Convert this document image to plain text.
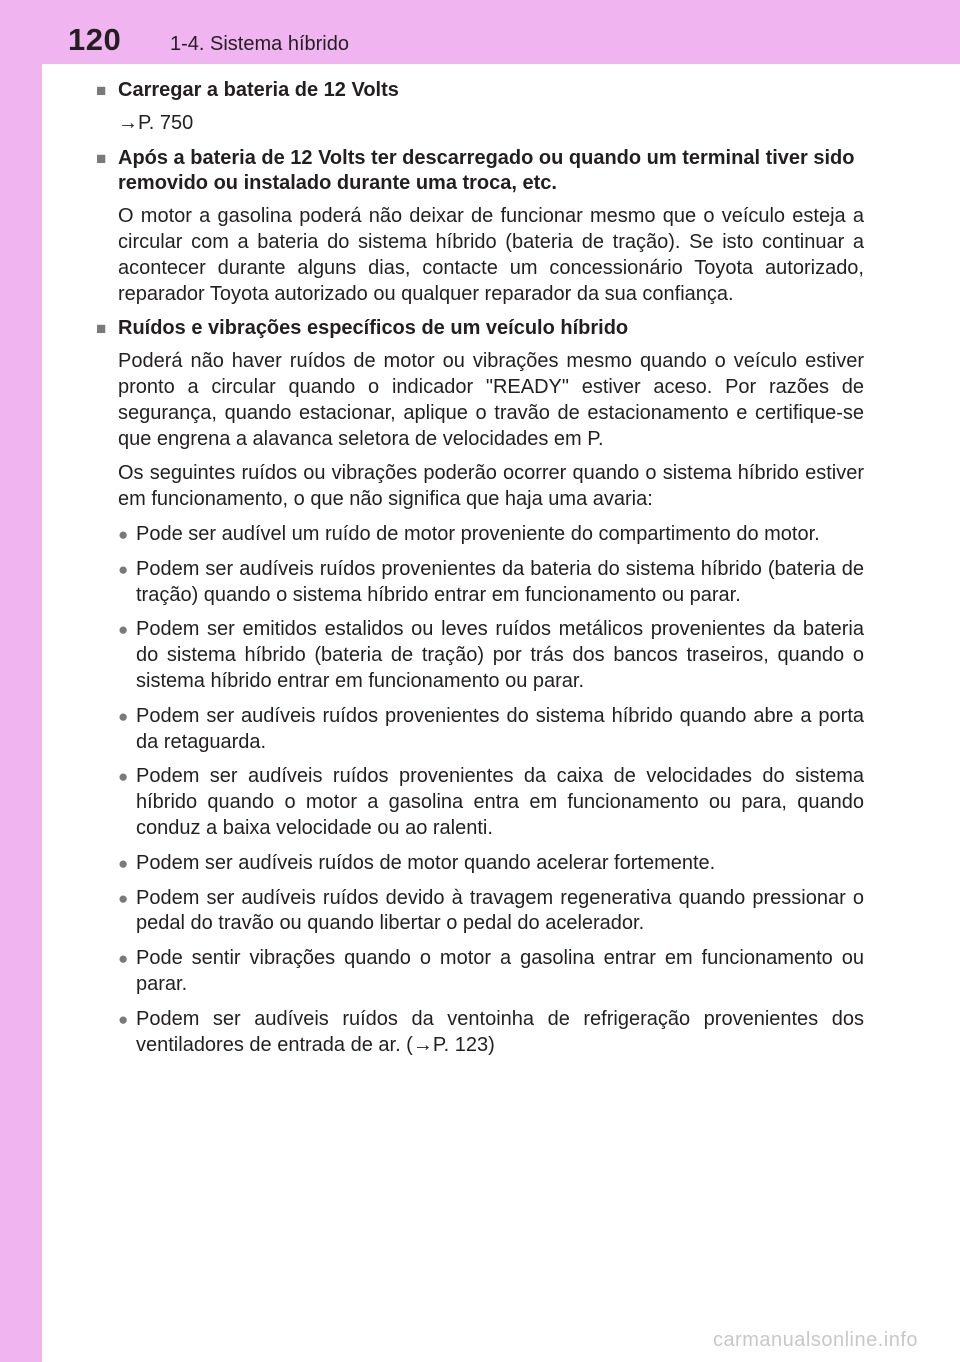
120 1-4. Sistema híbrido
■ Carregar a bateria de 12 Volts
→P. 750
■ Após a bateria de 12 Volts ter descarregado ou quando um terminal tiver sido removido ou instalado durante uma troca, etc.
O motor a gasolina poderá não deixar de funcionar mesmo que o veículo esteja a circular com a bateria do sistema híbrido (bateria de tração). Se isto continuar a acontecer durante alguns dias, contacte um concessionário Toyota autorizado, reparador Toyota autorizado ou qualquer reparador da sua confiança.
■ Ruídos e vibrações específicos de um veículo híbrido
Poderá não haver ruídos de motor ou vibrações mesmo quando o veículo estiver pronto a circular quando o indicador "READY" estiver aceso. Por razões de segurança, quando estacionar, aplique o travão de estacionamento e certifique-se que engrena a alavanca seletora de velocidades em P.
Os seguintes ruídos ou vibrações poderão ocorrer quando o sistema híbrido estiver em funcionamento, o que não significa que haja uma avaria:
● Pode ser audível um ruído de motor proveniente do compartimento do motor.
● Podem ser audíveis ruídos provenientes da bateria do sistema híbrido (bateria de tração) quando o sistema híbrido entrar em funcionamento ou parar.
● Podem ser emitidos estalidos ou leves ruídos metálicos provenientes da bateria do sistema híbrido (bateria de tração) por trás dos bancos traseiros, quando o sistema híbrido entrar em funcionamento ou parar.
● Podem ser audíveis ruídos provenientes do sistema híbrido quando abre a porta da retaguarda.
● Podem ser audíveis ruídos provenientes da caixa de velocidades do sistema híbrido quando o motor a gasolina entra em funcionamento ou para, quando conduz a baixa velocidade ou ao ralenti.
● Podem ser audíveis ruídos de motor quando acelerar fortemente.
● Podem ser audíveis ruídos devido à travagem regenerativa quando pressionar o pedal do travão ou quando libertar o pedal do acelerador.
● Pode sentir vibrações quando o motor a gasolina entrar em funcionamento ou parar.
● Podem ser audíveis ruídos da ventoinha de refrigeração provenientes dos ventiladores de entrada de ar. (→P. 123)
carmanualsonline.info
